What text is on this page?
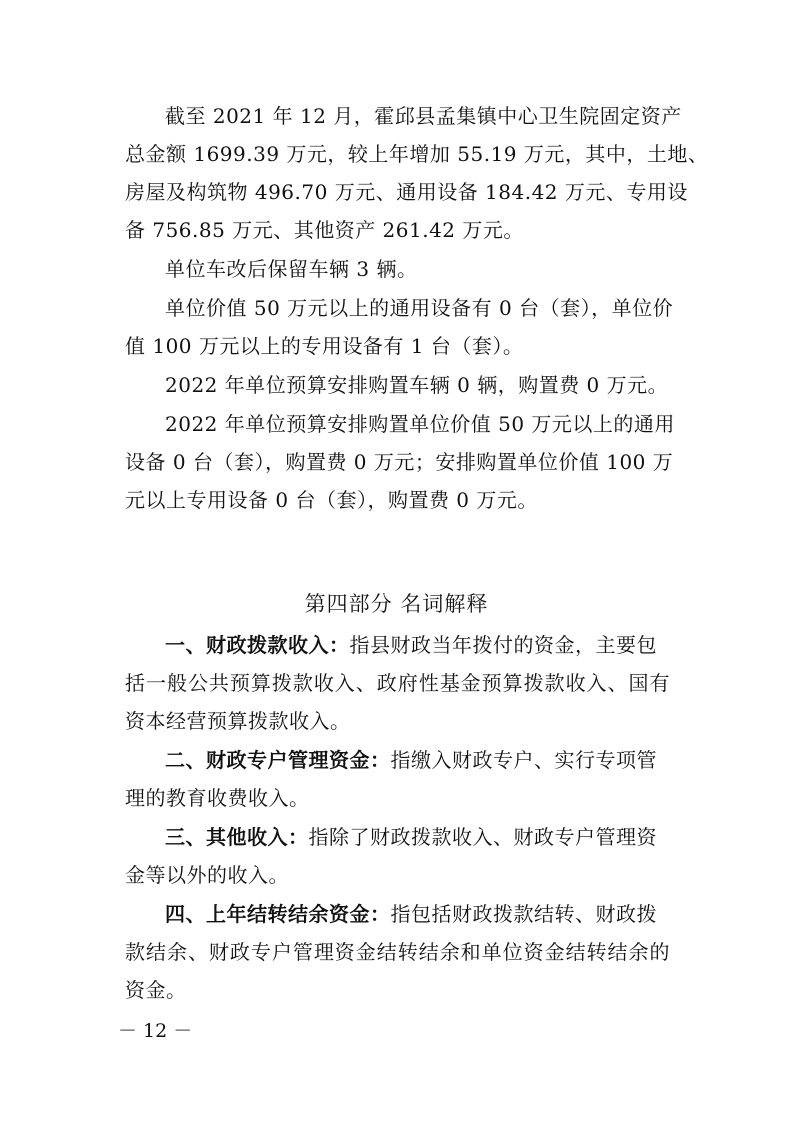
截至 2021 年 12 月，霍邱县孟集镇中心卫生院固定资产
总金额 1699.39 万元，较上年增加 55.19 万元，其中，土地、
房屋及构筑物 496.70 万元、通用设备 184.42 万元、专用设
备 756.85 万元、其他资产 261.42 万元。
单位车改后保留车辆 3 辆。
单位价值 50 万元以上的通用设备有 0 台（套），单位价
值 100 万元以上的专用设备有 1 台（套）。
2022 年单位预算安排购置车辆 0 辆，购置费 0 万元。
2022 年单位预算安排购置单位价值 50 万元以上的通用
设备 0 台（套），购置费 0 万元；安排购置单位价值 100 万
元以上专用设备 0 台（套），购置费 0 万元。
第四部分 名词解释
一、财政拨款收入：指县财政当年拨付的资金，主要包
括一般公共预算拨款收入、政府性基金预算拨款收入、国有
资本经营预算拨款收入。
二、财政专户管理资金：指缴入财政专户、实行专项管
理的教育收费收入。
三、其他收入：指除了财政拨款收入、财政专户管理资
金等以外的收入。
四、上年结转结余资金：指包括财政拨款结转、财政拨
款结余、财政专户管理资金结转结余和单位资金结转结余的
资金。
－ 12 －
